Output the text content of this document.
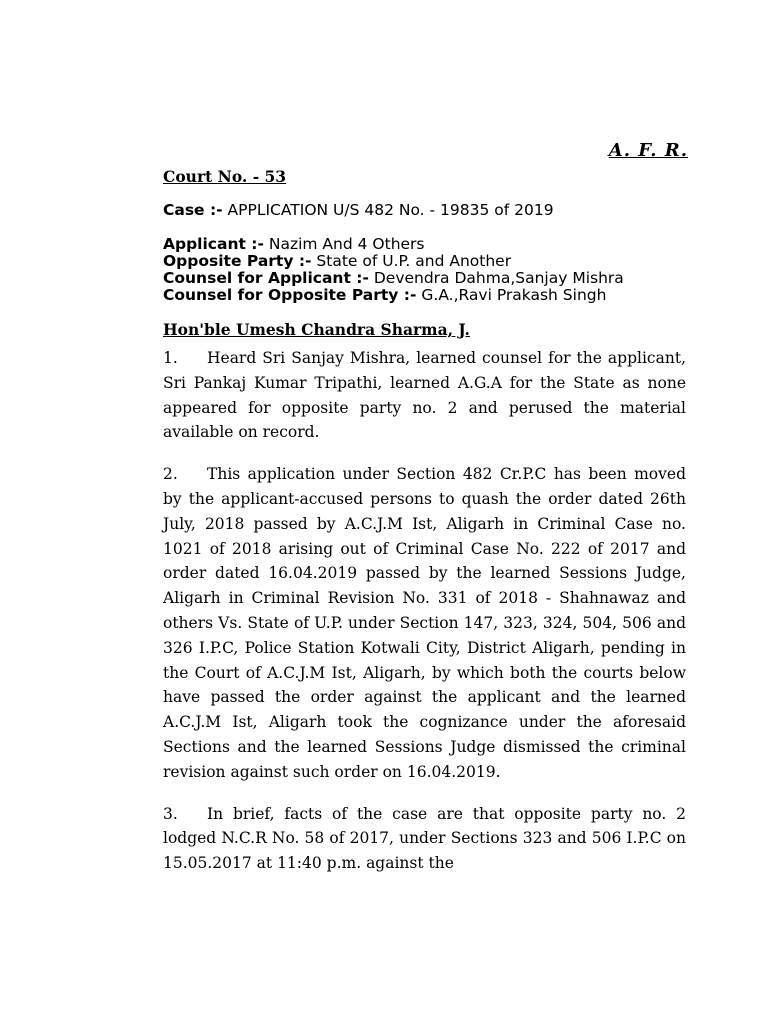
A. F. R.
Court No. - 53
Case :- APPLICATION U/S 482 No. - 19835 of 2019
Applicant :- Nazim And 4 Others
Opposite Party :- State of U.P. and Another
Counsel for Applicant :- Devendra Dahma,Sanjay Mishra
Counsel for Opposite Party :- G.A.,Ravi Prakash Singh
Hon'ble Umesh Chandra Sharma, J.

1. Heard Sri Sanjay Mishra, learned counsel for the applicant, Sri Pankaj Kumar Tripathi, learned A.G.A for the State as none appeared for opposite party no. 2 and perused the material available on record.

2. This application under Section 482 Cr.P.C has been moved by the applicant-accused persons to quash the order dated 26th July, 2018 passed by A.C.J.M Ist, Aligarh in Criminal Case no. 1021 of 2018 arising out of Criminal Case No. 222 of 2017 and order dated 16.04.2019 passed by the learned Sessions Judge, Aligarh in Criminal Revision No. 331 of 2018 - Shahnawaz and others Vs. State of U.P. under Section 147, 323, 324, 504, 506 and 326 I.P.C, Police Station Kotwali City, District Aligarh, pending in the Court of A.C.J.M Ist, Aligarh, by which both the courts below have passed the order against the applicant and the learned A.C.J.M Ist, Aligarh took the cognizance under the aforesaid Sections and the learned Sessions Judge dismissed the criminal revision against such order on 16.04.2019.

3. In brief, facts of the case are that opposite party no. 2 lodged N.C.R No. 58 of 2017, under Sections 323 and 506 I.P.C on 15.05.2017 at 11:40 p.m. against the
